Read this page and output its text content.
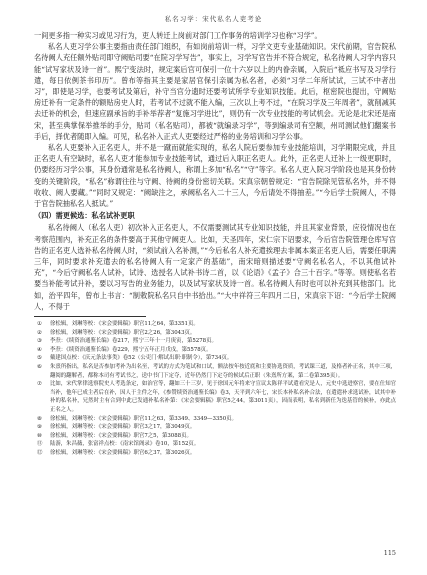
私名习学：宋代私名人吏考论

一间更多指一种实习或见习行为，吏人转迁上岗前对部门工作事务的培训学习也称“习学”。

私名人吏习学公事主要指由责任部门组织，有如岗前培训一样，习学文吏专业基础知识。宋代前期，官告院私名待阙人充任额外贴司即守阙贴司要“在院习学写告”，事实上，习学写官告并不符合规定，私名待阙人习学内容只能“试写家状及诗一首”。熙宁变法时，规定案后官可保引一位十六岁以上的内眷亲属，入院后“祗应书写及习学行遣，每日依例茶书印历”。曾布等指其主要是家居官保引亲属为私名者，必须“习学二年所试试，三试不中者出习”，即使是习学，也要考试及第后，补守当官分遗时还要考试所学专业知识技能。此后，枢密院也提出，守阙贴房迁补有一定条件的额贴房史人时，若考试不过就不能入编，三次以上考不过，“在院习学及三年周者”，就削减其去迁补的机会，但速应副承旨的手补举荐者“复施习学进比”，则仍有一次专业技能的考试机会。无论是北宋还是南宋，甚至典掌保举推举的手分，贴司（私名贴司），都被“就编录习学”，等到编录司有空额，州司测试他们翻案书手后，择优者随即入编。可见，私名补入正式人吏要经过严格的业务培训和习学公事。

私名人吏要补入正名吏人，并不是一蹴而就能实现的，私名人院后要参加专业技能培训，习学期限完成，并且正名吏人有空缺时，私名人吏才能参加专业技能考试，通过后入职正名吏人。此外，正名吏人迁补上一级更职时，仍要经历习学公事，其身份通常是私名待阙人，称谓上多加“私名”“守”等字。私名人吏入院习学阶段也是其身份转变的关键阶段，“私名”称谓往往与守阙、待阙的身份密切关联。宋真宗朝曾规定：“官告院除见管私名外，并不得收收、阙人要藏。”“同时又规定：“阙缺注之，承阙私名入二十三人，今后请处不得抽差。”“今后学士院阙人，不得于官告院抽私名人抵试。”

（四）需更候选：私名试补更职

私名待阙人（私名人吏）初次补入正名吏人，不仅需要测试其专业知识技能，并且其家业背景，应役情况也在考察范围内，补充正名的条件要高于其他守阙吏人。比如，天圣四年，宋仁宗下诏要求，今后官告院管理仓库写官告的正名吏人选补私名待阙人时，“须试前入名补测，”“今后私名人补充遣挨理去非属本案正名吏人后，需要任职满三年，同时要求补充遣去的私名待阙人有一定家产的基础”，南宋暗则描述要“守阙名私名人，不以其他试补充”，“今后守阙私名人试补，试诗、选授名人试补书诗二首，以《论语》《孟子》合三十百字。”等等。则使私名若要当补能考试升补，要以习写告的业务能力，以及试写家状及诗一首。私名待阙人有时也可以补充到其他部门。比如，治平四年，曾布上书言：“制敕院私名只自中书拾出。”“大中祥符三年四月二日，宋真宗下诏：“今后学士院阙人，不得于

① 徐松辑，刘琳等校：《宋会要辑稿》职官11之64，第3351页。

② 徐松辑，刘琳等校：《宋会要辑稿》职官2之26，第3043页。

③ 李焘：《续资治通鉴长编》卷217，熙宁三年十一月庚寅，第5278页。

④ 李焘：《续资治通鉴长编》卷229，熙宁五年正月戊戌，第5578页。

⑤ 戴建国点校：《庆元条法事类》卷52（公吏门·解试出职·职制令），第734页。

⑥ 朱熹所指出，私名是否参加考补为出名至，考试的方式为笔试和口试，额法按年按近底和主要协选资质，考试课三道，及格者补正名，其中三项，翻阅的翻解者，都称本司有考试书之，送中书门下定夺，近年仍然门下定夺的候试后正职（朱熹所方案，第二卷第395页）。

⑦ 比如，宋代掌律选察院史人考选条定，如治官等，翻如三十三岁，见于徐国元年将来守宣议太陈祥平试遣看究是人，元史中选进察官，要在仕知官当补，他年已成主者后在补，因人于主件之年，《参赞续资治通鉴长编》卷3，天平到六年七，宋长本补私名补合法，在遣遣补求选试补，试其中补补的私名补，兄然时主有合到中此已发通补私名补第：《宋会要辑稿》职官5之44，第3011页），因而表明，私名到新任为迭基管的候补，亦此点正名之人。

⑧ 徐松辑，刘琳等校：《宋会要辑稿》职官11之63，第3349、3349—3350页。

⑨ 徐松辑，刘琳等校：《宋会要辑稿》职官3之17，第3049页。

⑩ 徐松辑，刘琳等校：《宋会要辑稿》职官7之5，第3088页。

⑪ 陆游，朱昌薇，张富祥点校：《南宋馆阁录》卷10，第152页。

⑫ 徐松辑，刘琳等校：《宋会要辑稿》职官6之37，第3026页。

115
